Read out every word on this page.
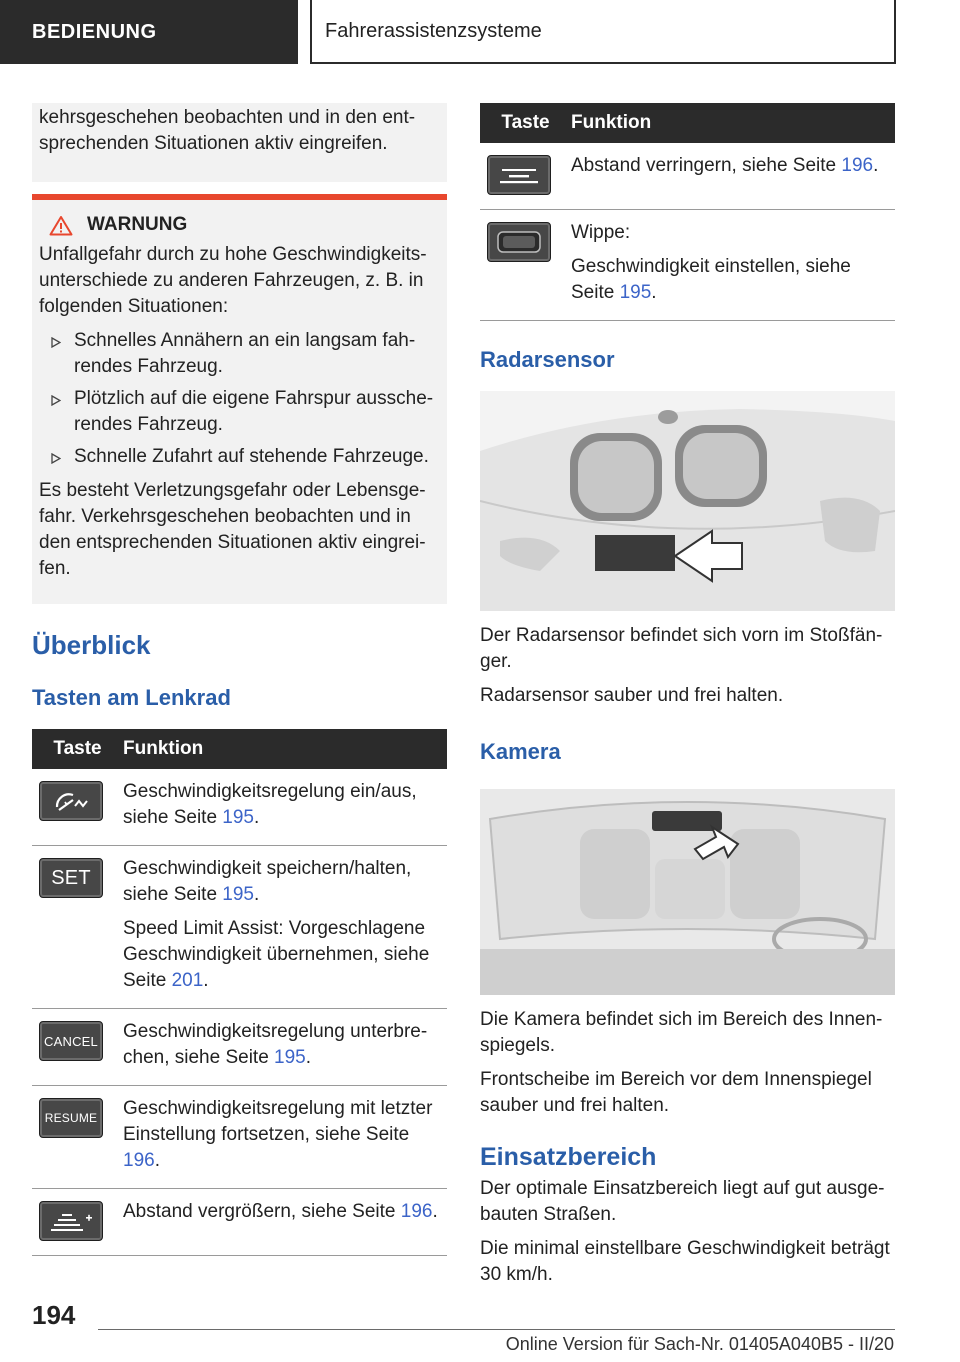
BEDIENUNG	Fahrerassistenzsysteme

kehrsgeschehen beobachten und in den ent‐sprechenden Situationen aktiv eingreifen.

WARNUNG

Unfallgefahr durch zu hohe Geschwindigkeits‐unterschiede zu anderen Fahrzeugen, z. B. in folgenden Situationen:

Schnelles Annähern an ein langsam fah‐rendes Fahrzeug.
Plötzlich auf die eigene Fahrspur aussche‐rendes Fahrzeug.
Schnelle Zufahrt auf stehende Fahrzeuge.

Es besteht Verletzungsgefahr oder Lebensge‐fahr. Verkehrsgeschehen beobachten und in den entsprechenden Situationen aktiv eingrei‐fen.

Überblick
Tasten am Lenkrad
Taste	Funktion

Geschwindigkeitsregelung ein/aus, siehe Seite 195.

SET	Geschwindigkeit speichern/halten, siehe Seite 195.

Speed Limit Assist: Vorgeschlagene Geschwindigkeit übernehmen, siehe Seite 201.

CANCEL	Geschwindigkeitsregelung unterbre‐chen, siehe Seite 195.

RESUME	Geschwindigkeitsregelung mit letzter Einstellung fortsetzen, siehe Seite 196.

Abstand vergrößern, siehe Seite 196.

Taste	Funktion

Abstand verringern, siehe Seite 196.

Wippe:

Geschwindigkeit einstellen, siehe Seite 195.

Radarsensor

Der Radarsensor befindet sich vorn im Stoßfän‐ger.

Radarsensor sauber und frei halten.

Kamera

Die Kamera befindet sich im Bereich des Innen‐spiegels.

Frontscheibe im Bereich vor dem Innenspiegel sauber und frei halten.

Einsatzbereich

Der optimale Einsatzbereich liegt auf gut ausge‐bauten Straßen.

Die minimal einstellbare Geschwindigkeit beträgt 30 km/h.

194
Online Version für Sach-Nr. 01405A040B5 - II/20
